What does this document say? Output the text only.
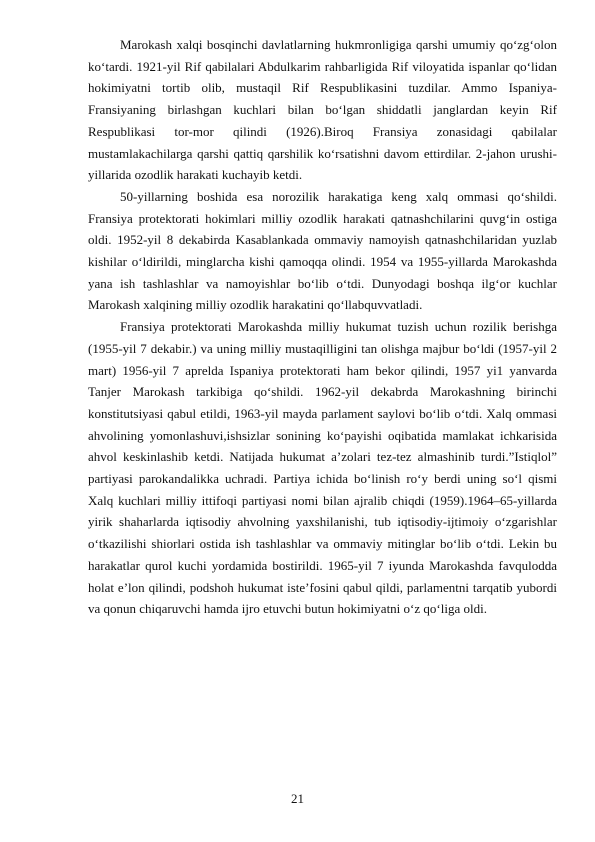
Marokash xalqi bosqinchi davlatlarning hukmronligiga qarshi umumiy qo‘zg‘olon ko‘tardi. 1921-yil Rif qabilalari Abdulkarim rahbarligida Rif viloyatida ispanlar qo‘lidan hokimiyatni tortib olib, mustaqil Rif Respublikasini tuzdilar. Ammo Ispaniya-Fransiyaning birlashgan kuchlari bilan bo‘lgan shiddatli janglardan keyin Rif Respublikasi tor-mor qilindi (1926).Biroq Fransiya zonasidagi qabilalar mustamlakachilarga qarshi qattiq qarshilik ko‘rsatishni davom ettirdilar. 2-jahon urushi-yillarida ozodlik harakati kuchayib ketdi.

50-yillarning boshida esa norozilik harakatiga keng xalq ommasi qo‘shildi. Fransiya protektorati hokimlari milliy ozodlik harakati qatnashchilarini quvg‘in ostiga oldi. 1952-yil 8 dekabirda Kasablankada ommaviy namoyish qatnashchilaridan yuzlab kishilar o‘ldirildi, minglarcha kishi qamoqqa olindi. 1954 va 1955-yillarda Marokashda yana ish tashlashlar va namoyishlar bo‘lib o‘tdi. Dunyodagi boshqa ilg‘or kuchlar Marokash xalqining milliy ozodlik harakatini qo‘llabquvvatladi.

Fransiya protektorati Marokashda milliy hukumat tuzish uchun rozilik berishga (1955-yil 7 dekabir.) va uning milliy mustaqilligini tan olishga majbur bo‘ldi (1957-yil 2 mart) 1956-yil 7 aprelda Ispaniya protektorati ham bekor qilindi, 1957 yi1 yanvarda Tanjer Marokash tarkibiga qo‘shildi. 1962-yil dekabrda Marokashning birinchi konstitutsiyasi qabul etildi, 1963-yil mayda parlament saylovi bo‘lib o‘tdi. Xalq ommasi ahvolining yomonlashuvi,ishsizlar sonining ko‘payishi oqibatida mamlakat ichkarisida ahvol keskinlashib ketdi. Natijada hukumat a’zolari tez-tez almashinib turdi.”Istiqlol” partiyasi parokandalikka uchradi. Partiya ichida bo‘linish ro‘y berdi uning so‘l qismi Xalq kuchlari milliy ittifoqi partiyasi nomi bilan ajralib chiqdi (1959).1964–65-yillarda yirik shaharlarda iqtisodiy ahvolning yaxshilanishi, tub iqtisodiy-ijtimoiy o‘zgarishlar o‘tkazilishi shiorlari ostida ish tashlashlar va ommaviy mitinglar bo‘lib o‘tdi. Lekin bu harakatlar qurol kuchi yordamida bostirildi. 1965-yil 7 iyunda Marokashda favqulodda holat e’lon qilindi, podshoh hukumat iste’fosini qabul qildi, parlamentni tarqatib yubordi va qonun chiqaruvchi hamda ijro etuvchi butun hokimiyatni o‘z qo‘liga oldi.

21
